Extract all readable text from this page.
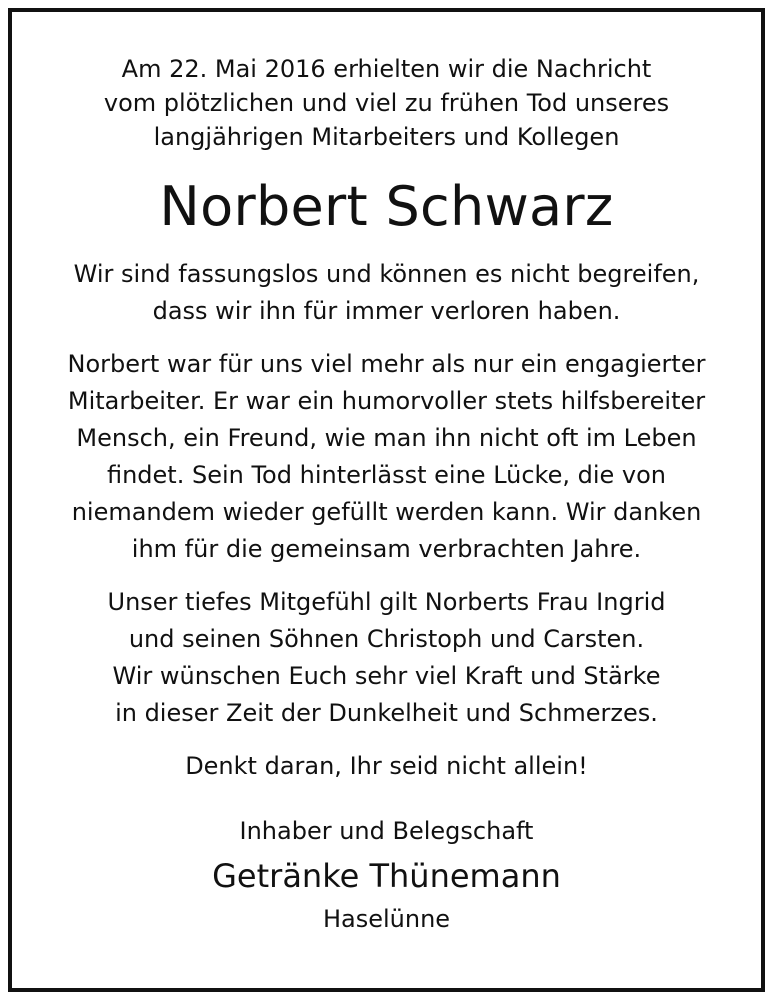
Am 22. Mai 2016 erhielten wir die Nachricht
vom plötzlichen und viel zu frühen Tod unseres
langjährigen Mitarbeiters und Kollegen

Norbert Schwarz

Wir sind fassungslos und können es nicht begreifen,
dass wir ihn für immer verloren haben.

Norbert war für uns viel mehr als nur ein engagierter
Mitarbeiter. Er war ein humorvoller stets hilfsbereiter
Mensch, ein Freund, wie man ihn nicht oft im Leben
findet. Sein Tod hinterlässt eine Lücke, die von
niemandem wieder gefüllt werden kann. Wir danken
ihm für die gemeinsam verbrachten Jahre.

Unser tiefes Mitgefühl gilt Norberts Frau Ingrid
und seinen Söhnen Christoph und Carsten.
Wir wünschen Euch sehr viel Kraft und Stärke
in dieser Zeit der Dunkelheit und Schmerzes.

Denkt daran, Ihr seid nicht allein!

Inhaber und Belegschaft

Getränke Thünemann

Haselünne
